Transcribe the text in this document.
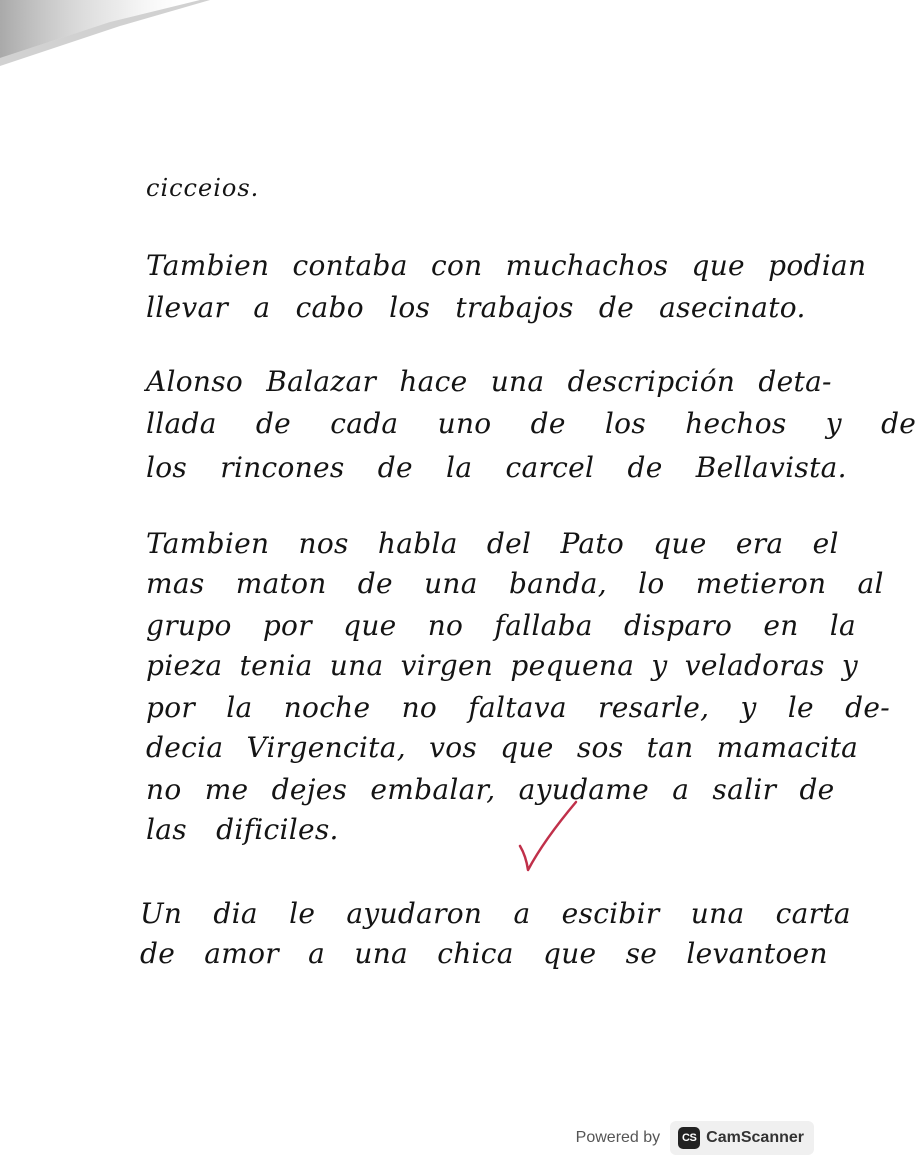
cicceios.
Tambien contaba con muchachos que podian
llevar a cabo los trabajos de asecinato.
Alonso Balazar hace una descripción deta-
llada de cada uno de los hechos y de
los rincones de la carcel de Bellavista.
Tambien nos habla del Pato que era el
mas maton de una banda, lo metieron al
grupo por que no fallaba disparo en la
pieza tenia una virgen pequena y veladoras y
por la noche no faltava resarle, y le de-
decia Virgencita, vos que sos tan mamacita
no me dejes embalar, ayudame a salir de
las dificiles.
Un dia le ayudaron a escibir una carta
de amor a una chica que se levantoen
Powered by	CS CamScanner
